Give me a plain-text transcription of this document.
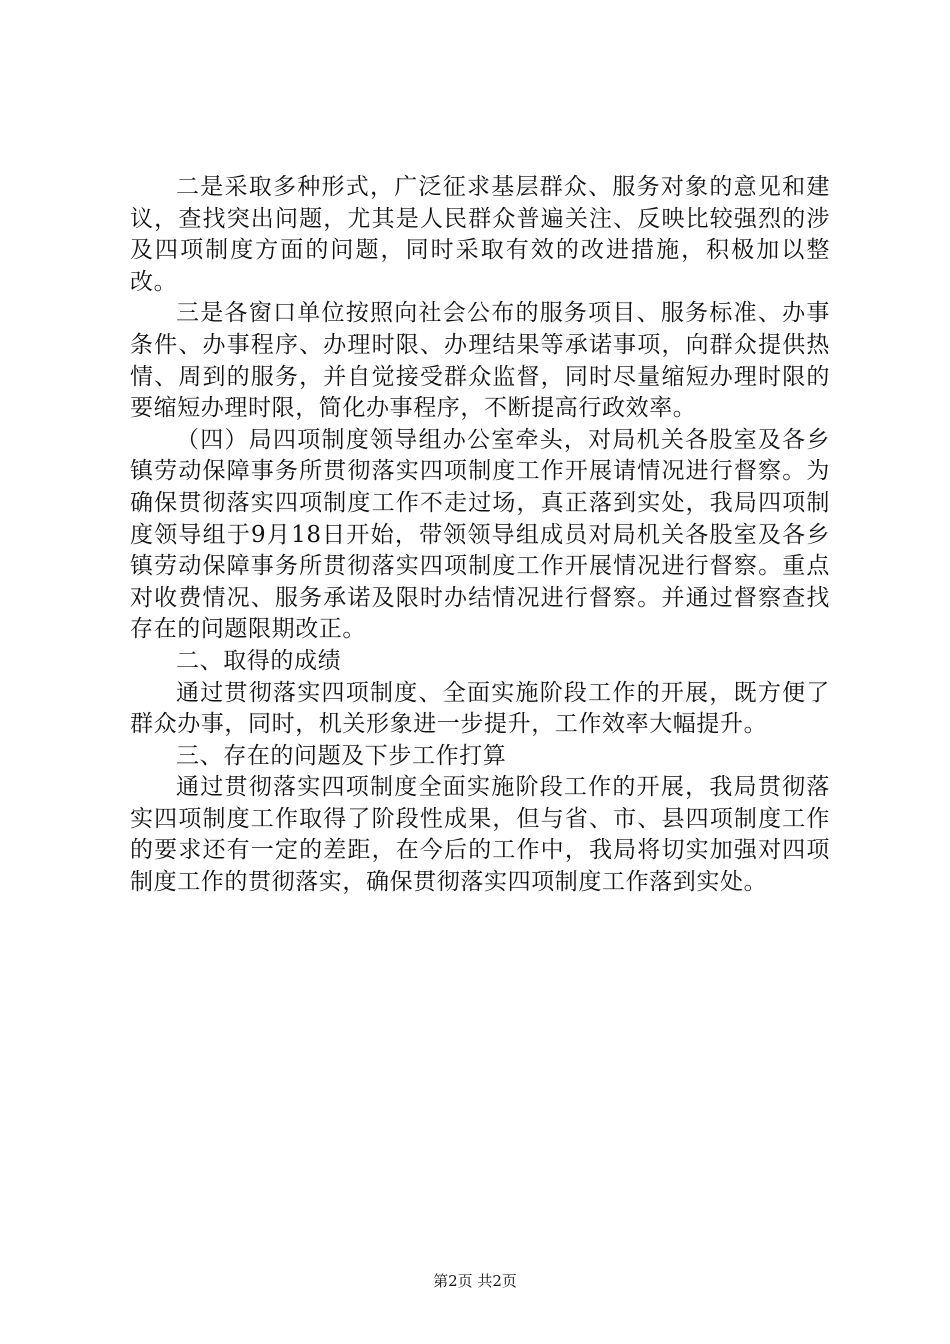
二是采取多种形式，广泛征求基层群众、服务对象的意见和建议，查找突出问题，尤其是人民群众普遍关注、反映比较强烈的涉及四项制度方面的问题，同时采取有效的改进措施，积极加以整改。

三是各窗口单位按照向社会公布的服务项目、服务标准、办事条件、办事程序、办理时限、办理结果等承诺事项，向群众提供热情、周到的服务，并自觉接受群众监督，同时尽量缩短办理时限的要缩短办理时限，简化办事程序，不断提高行政效率。

（四）局四项制度领导组办公室牵头，对局机关各股室及各乡镇劳动保障事务所贯彻落实四项制度工作开展请情况进行督察。为确保贯彻落实四项制度工作不走过场，真正落到实处，我局四项制度领导组于9月18日开始，带领领导组成员对局机关各股室及各乡镇劳动保障事务所贯彻落实四项制度工作开展情况进行督察。重点对收费情况、服务承诺及限时办结情况进行督察。并通过督察查找存在的问题限期改正。

二、取得的成绩

通过贯彻落实四项制度、全面实施阶段工作的开展，既方便了群众办事，同时，机关形象进一步提升，工作效率大幅提升。

三、存在的问题及下步工作打算

通过贯彻落实四项制度全面实施阶段工作的开展，我局贯彻落实四项制度工作取得了阶段性成果，但与省、市、县四项制度工作的要求还有一定的差距，在今后的工作中，我局将切实加强对四项制度工作的贯彻落实，确保贯彻落实四项制度工作落到实处。

第2页 共2页
